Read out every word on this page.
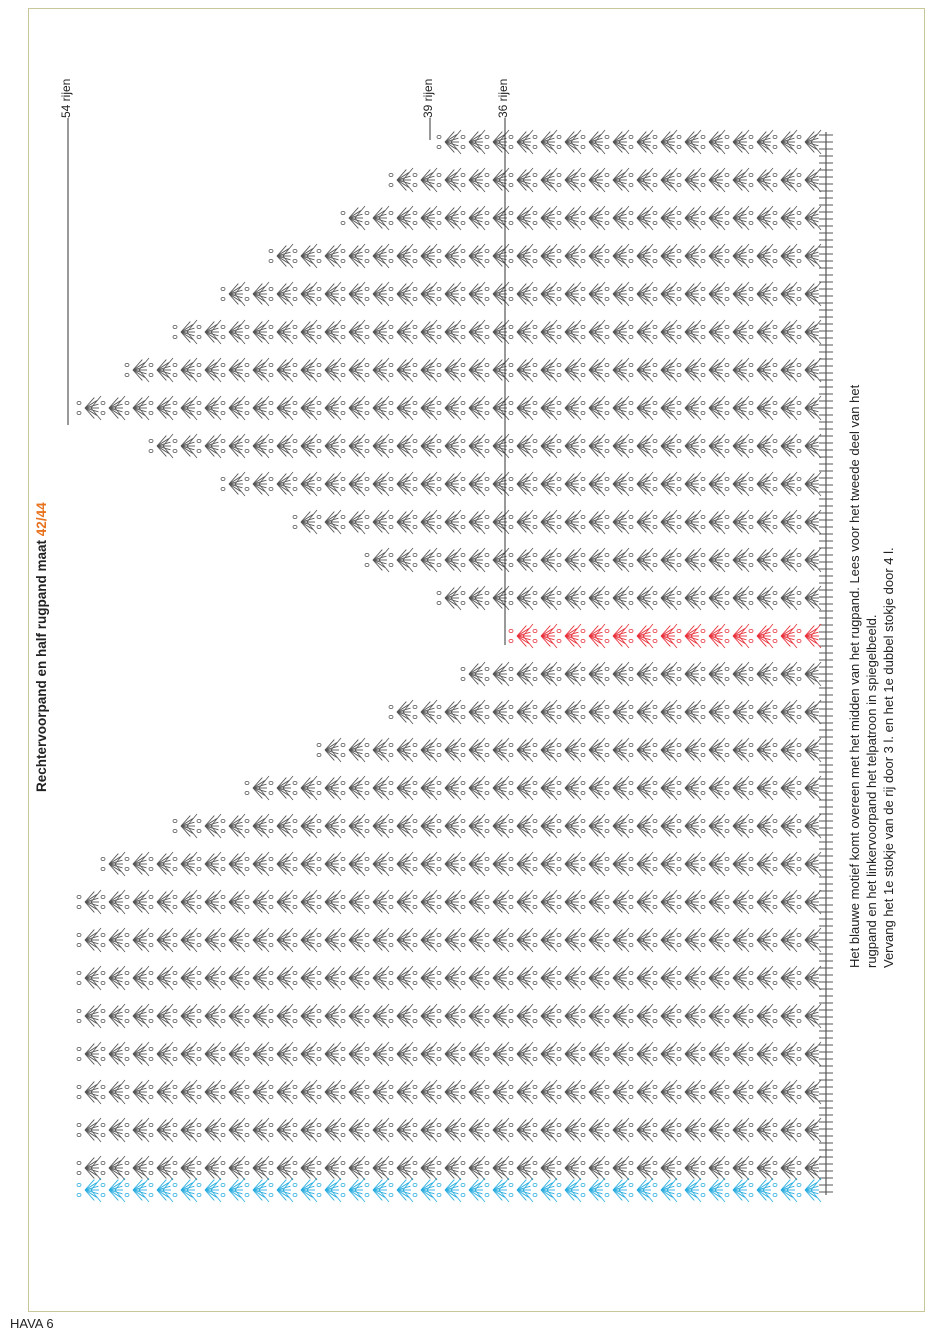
Rechtervoorpand en half rugpand maat 42/44
54 rijen	39 rijen	36 rijen
Het blauwe motief komt overeen met het midden van het rugpand. Lees voor het tweede deel van het rugpand en het linkervoorpand het telpatroon in spiegelbeeld. Vervang het 1e stokje van de rij door 3 l. en het 1e dubbel stokje door 4 l.
HAVA 6
